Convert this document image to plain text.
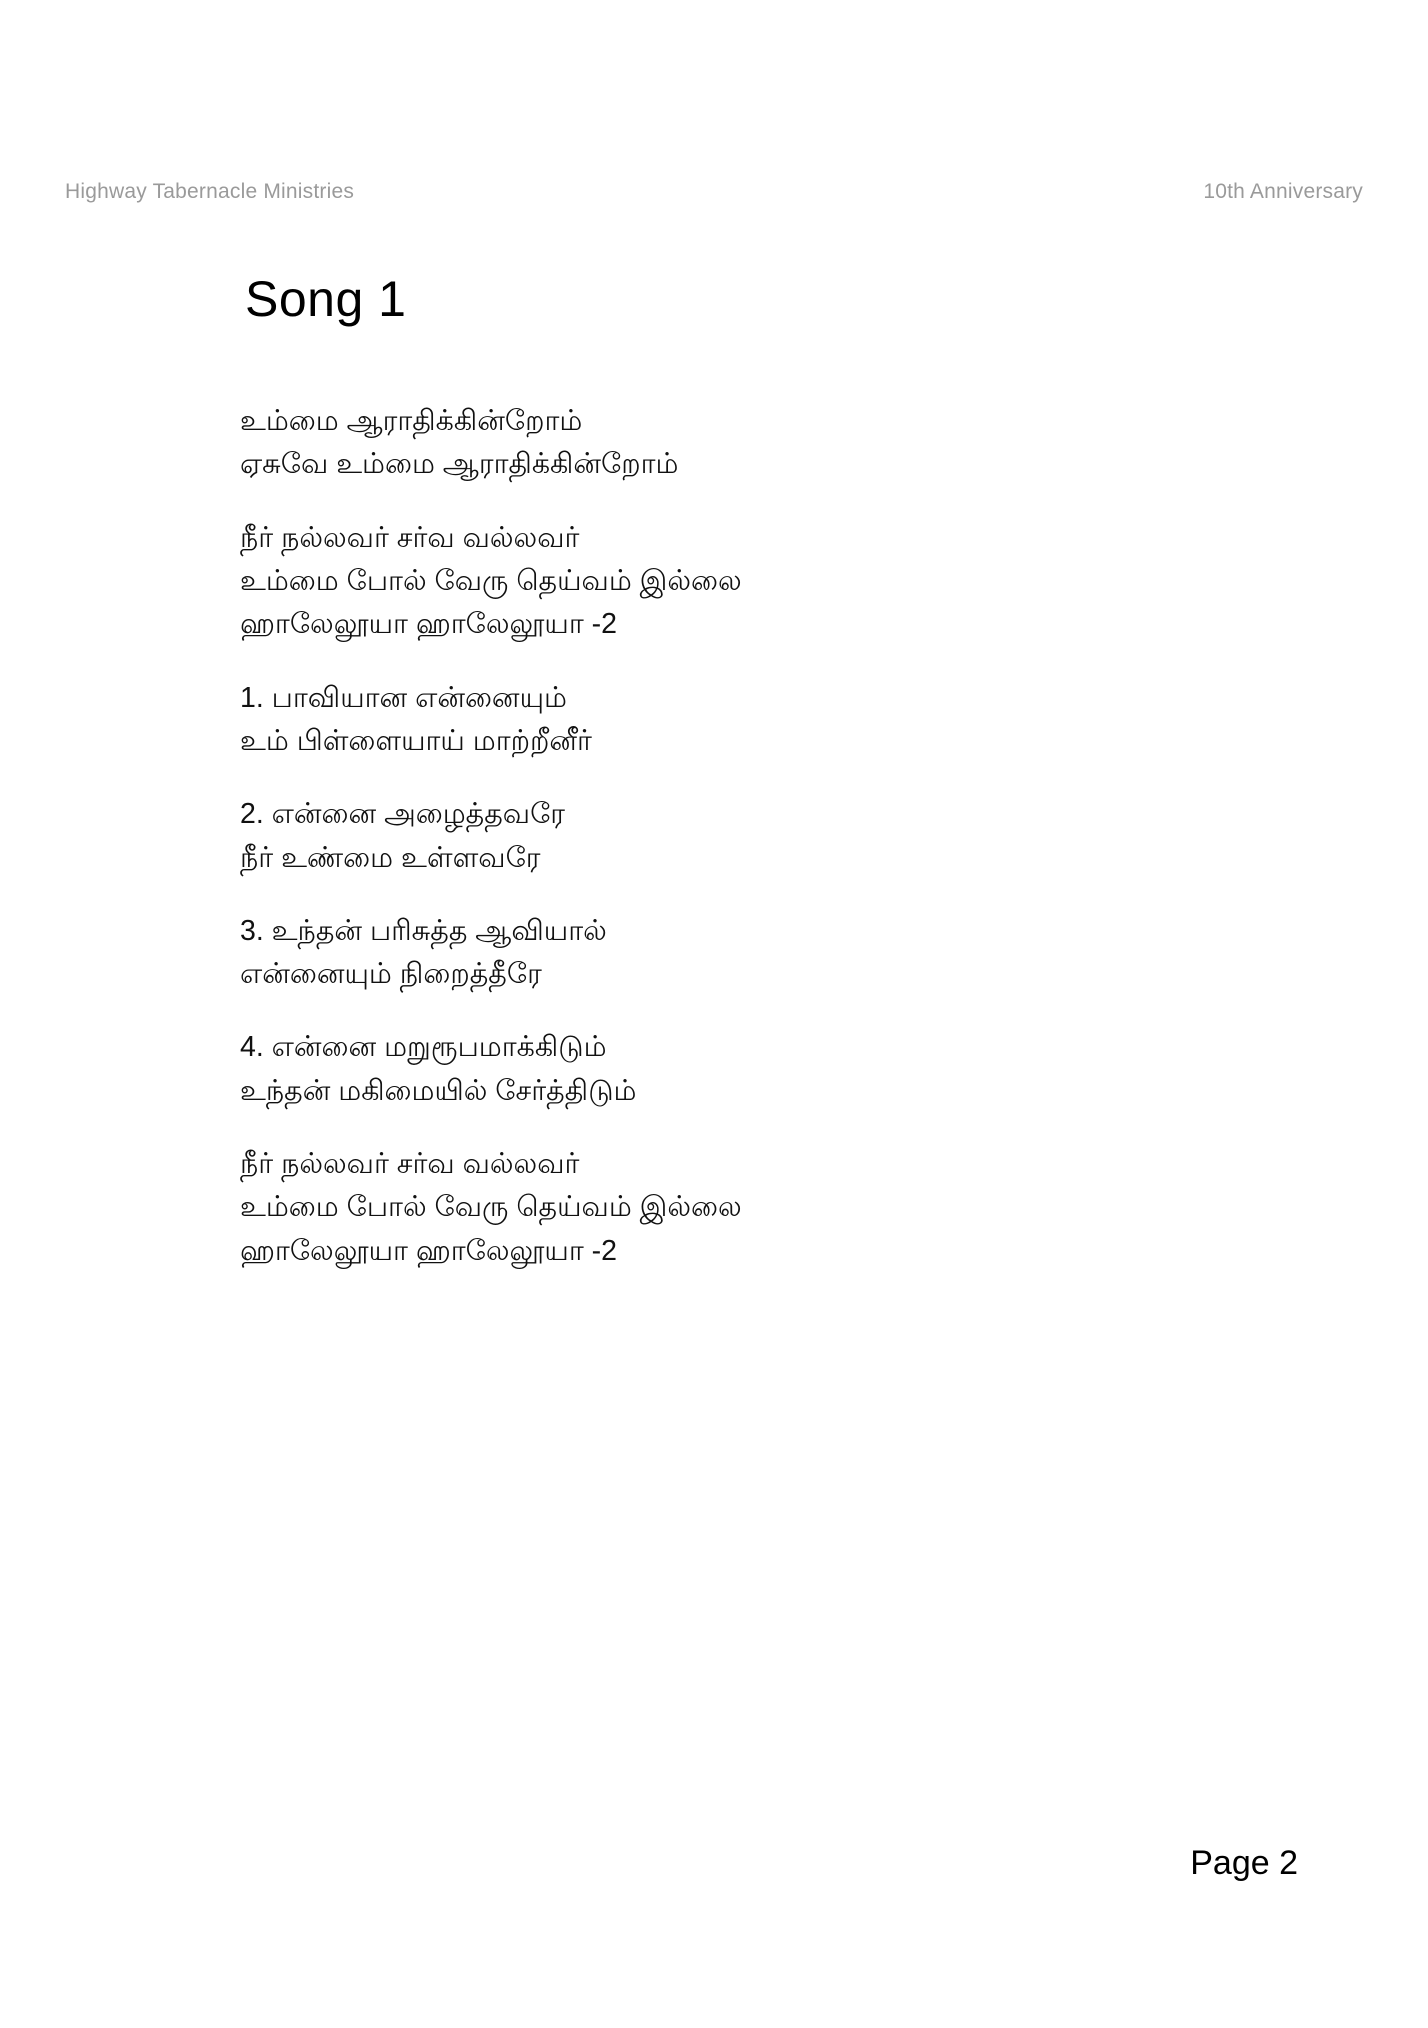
Highway Tabernacle Ministries	10th Anniversary
Song 1
உம்மை ஆராதிக்கின்றோம்
ஏசுவே உம்மை ஆராதிக்கின்றோம்
நீர் நல்லவர் சர்வ வல்லவர்
உம்மை போல் வேரு தெய்வம் இல்லை
ஹாலேலூயா ஹாலேலூயா -2
1. பாவியான என்னையும்
உம் பிள்ளையாய் மாற்றீனீர்
2. என்னை அழைத்தவரே
நீர் உண்மை உள்ளவரே
3. உந்தன் பரிசுத்த ஆவியால்
என்னையும் நிறைத்தீரே
4. என்னை மறுரூபமாக்கிடும்
உந்தன் மகிமையில் சேர்த்திடும்
நீர் நல்லவர் சர்வ வல்லவர்
உம்மை போல் வேரு தெய்வம் இல்லை
ஹாலேலூயா ஹாலேலூயா -2
Page 2
